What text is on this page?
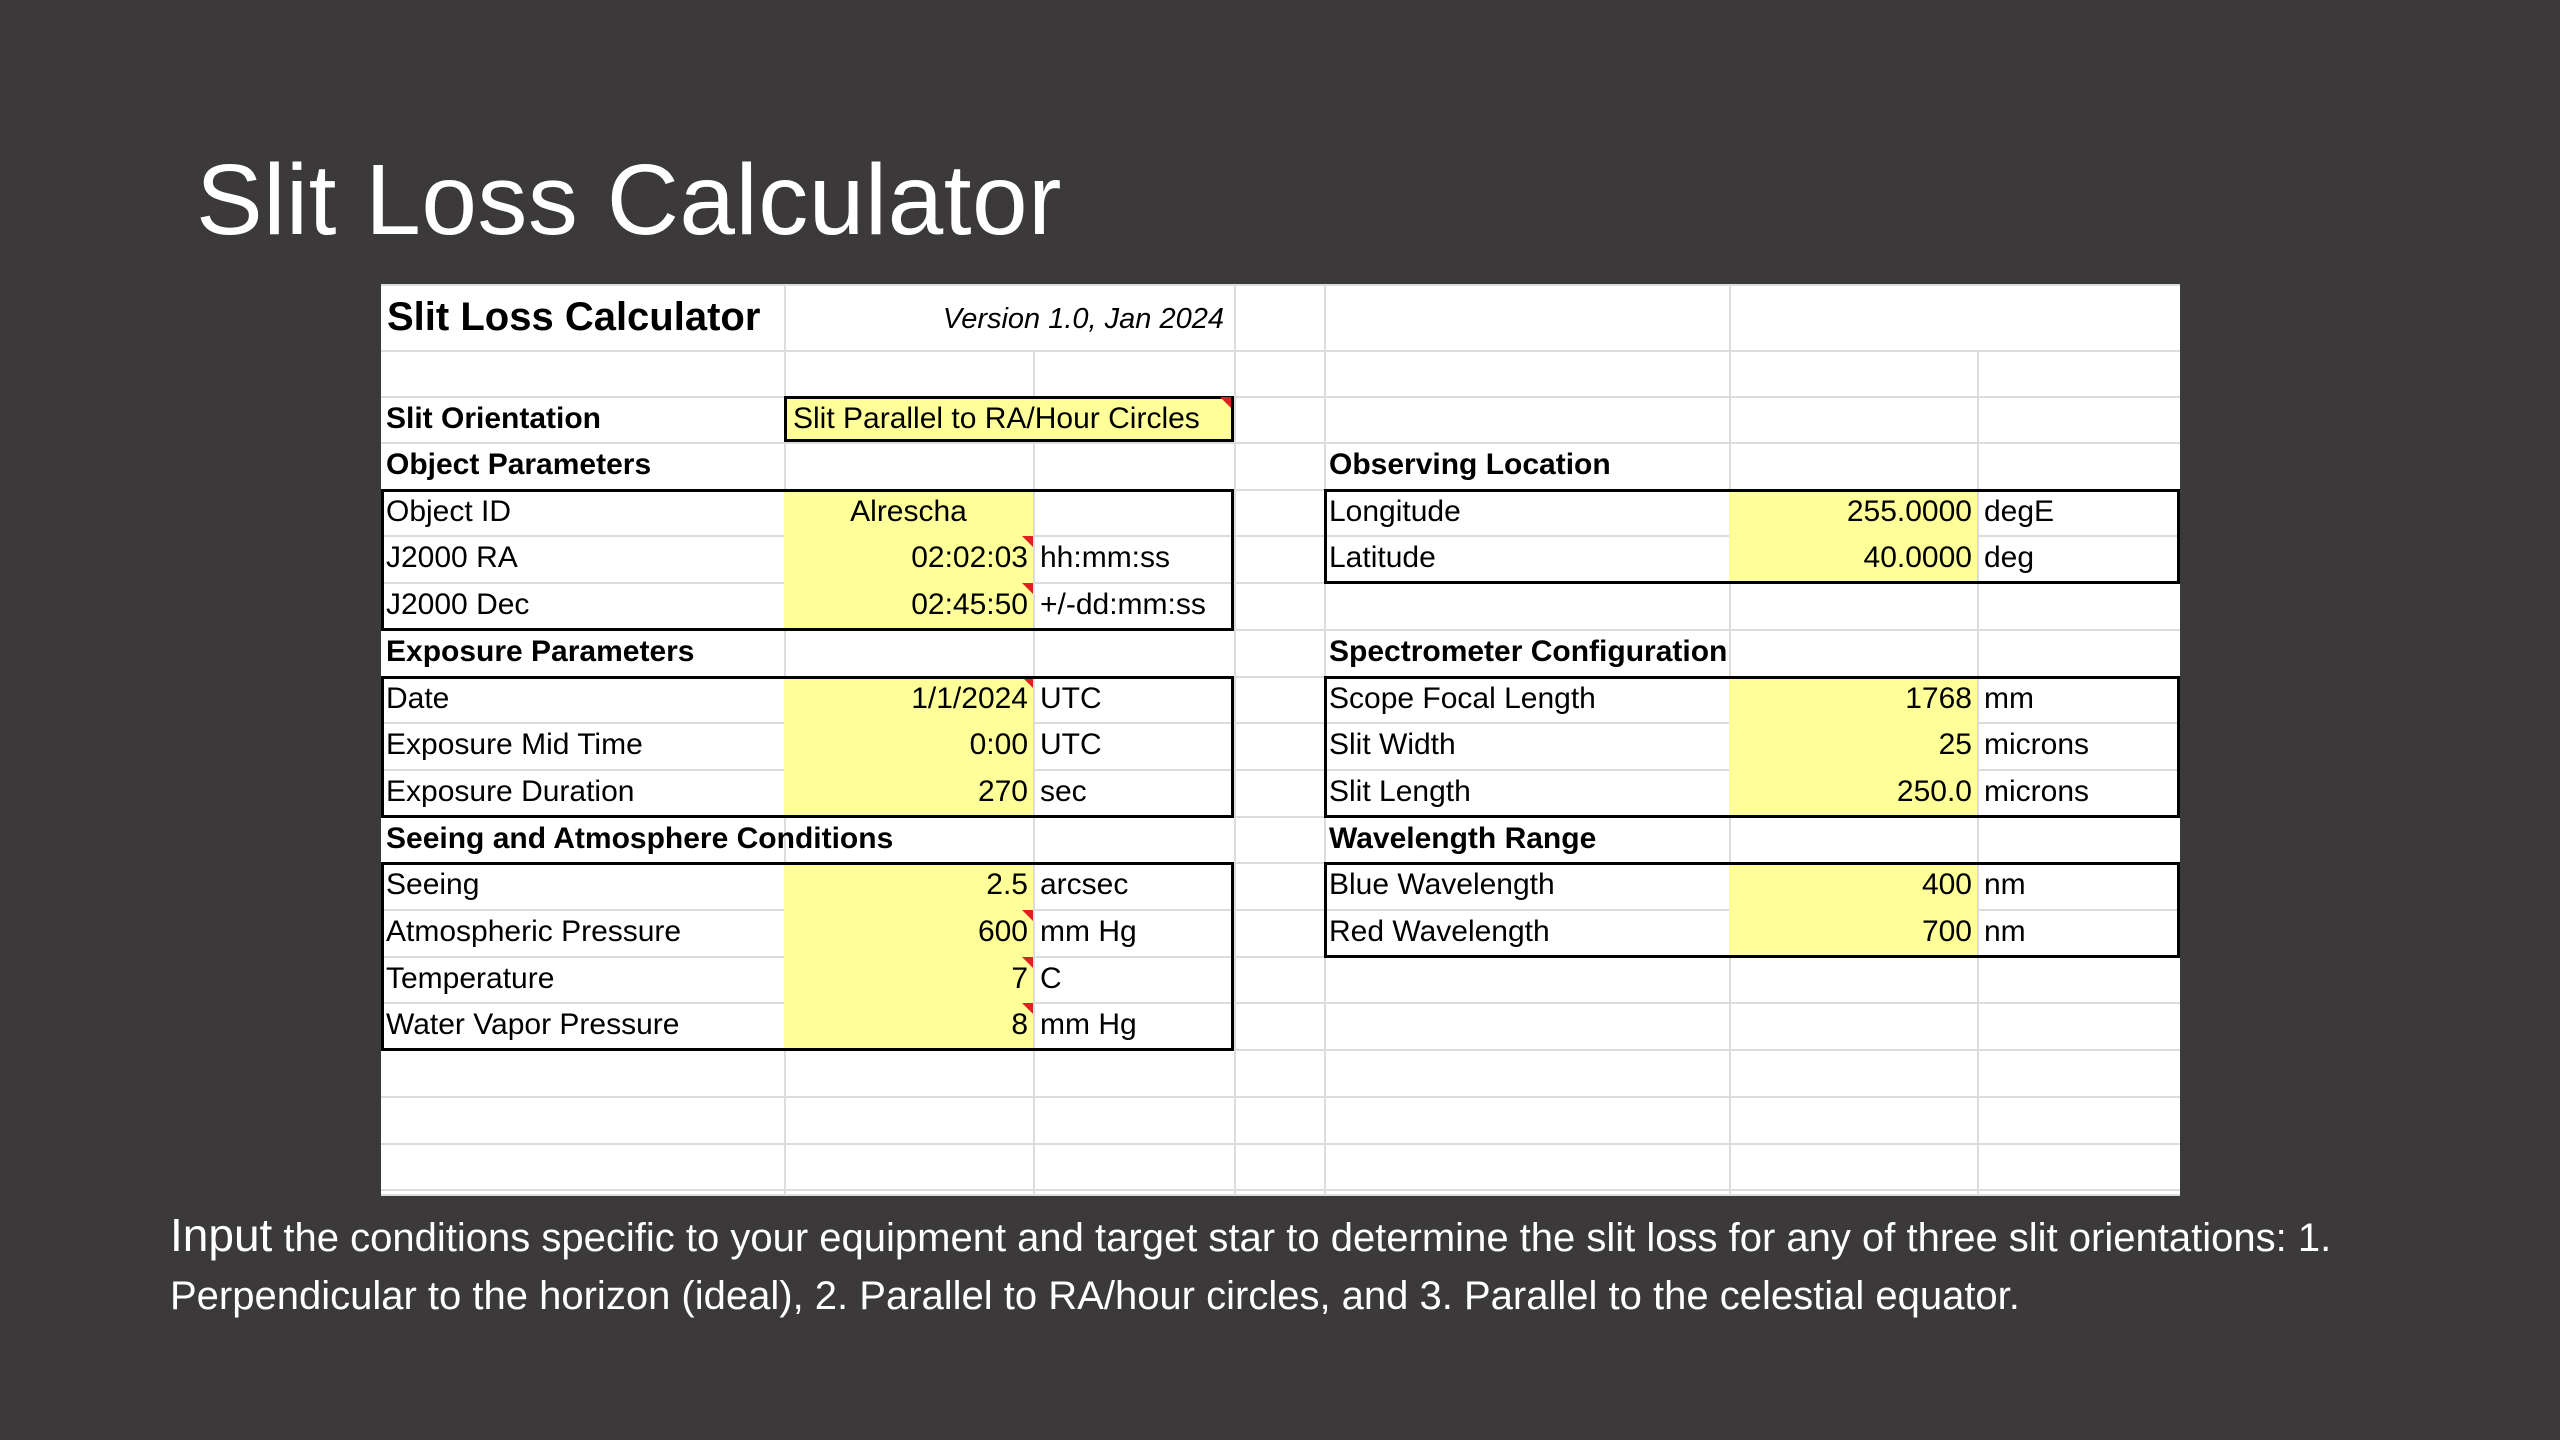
Slit Loss Calculator
Slit Loss Calculator	Version 1.0, Jan 2024
Slit Orientation	Slit Parallel to RA/Hour Circles
Object Parameters
Object ID	Alrescha
J2000 RA	02:02:03 hh:mm:ss
J2000 Dec	02:45:50 +/-dd:mm:ss
Exposure Parameters
Date	1/1/2024 UTC
Exposure Mid Time	0:00 UTC
Exposure Duration	270 sec
Seeing and Atmosphere Conditions
Seeing	2.5 arcsec
Atmospheric Pressure	600 mm Hg
Temperature	7 C
Water Vapor Pressure	8 mm Hg
Observing Location
Longitude	255.0000 degE
Latitude	40.0000 deg
Spectrometer Configuration
Scope Focal Length	1768 mm
Slit Width	25 microns
Slit Length	250.0 microns
Wavelength Range
Blue Wavelength	400 nm
Red Wavelength	700 nm
Input the conditions specific to your equipment and target star to determine the slit loss for any of three slit orientations: 1. Perpendicular to the horizon (ideal), 2. Parallel to RA/hour circles, and 3. Parallel to the celestial equator.
